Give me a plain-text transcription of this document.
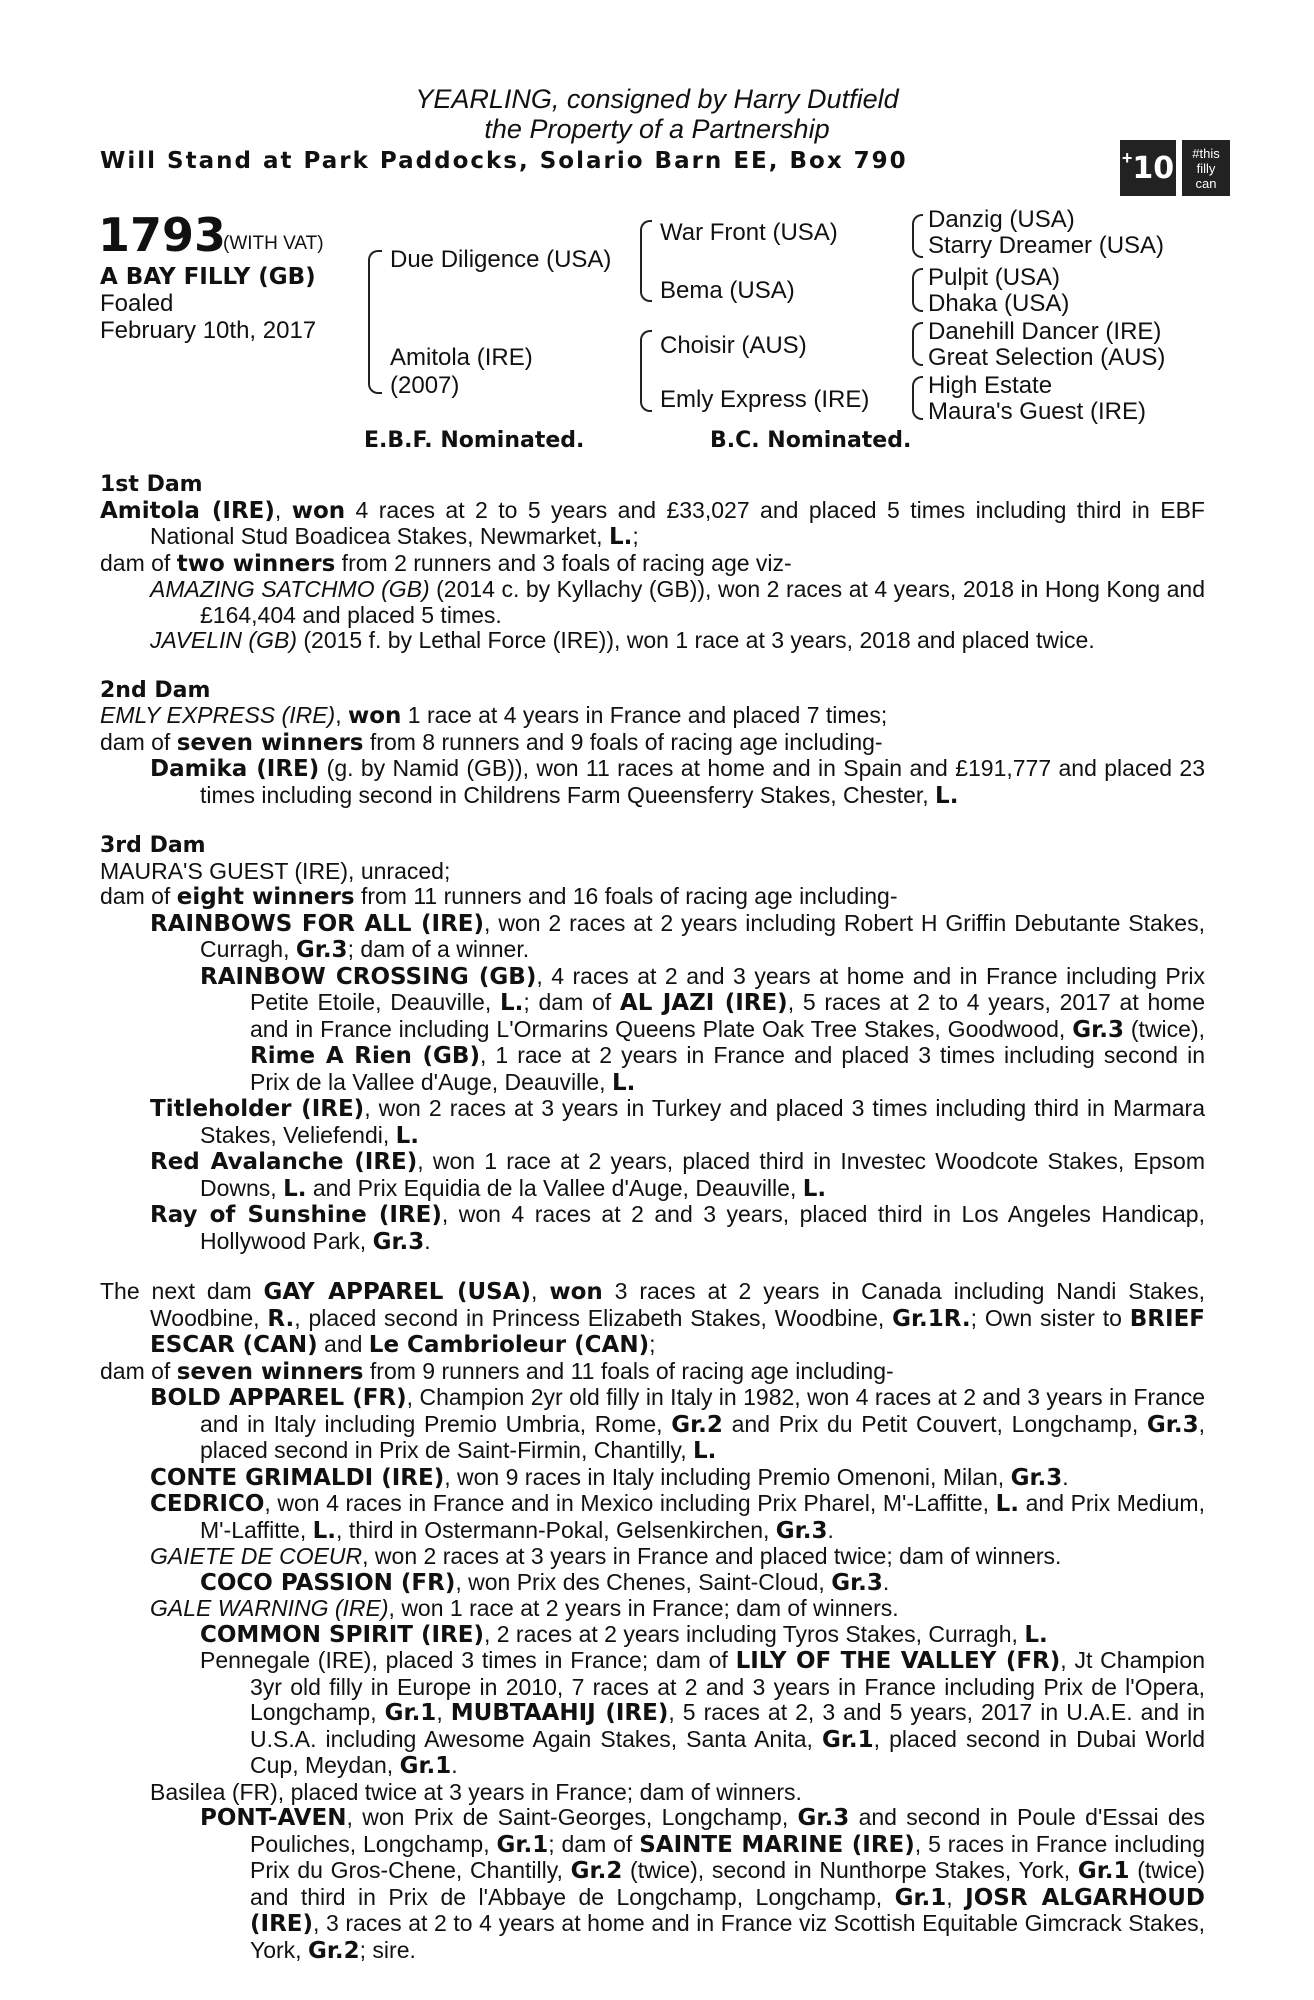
YEARLING, consigned by Harry Dutfield
the Property of a Partnership
Will Stand at Park Paddocks, Solario Barn EE, Box 790	+ 10 #this
filly
can
1793
(WITH VAT)
A BAY FILLY (GB)
Foaled
February 10th, 2017
Due Diligence (USA)
Amitola (IRE)
(2007)
War Front (USA)
Bema (USA)
Choisir (AUS)
Emly Express (IRE)
Danzig (USA)
Starry Dreamer (USA)
Pulpit (USA)
Dhaka (USA)
Danehill Dancer (IRE)
Great Selection (AUS)
High Estate
Maura's Guest (IRE)
E.B.F. Nominated.	B.C. Nominated.

1st Dam

Amitola (IRE), won 4 races at 2 to 5 years and £33,027 and placed 5 times including third in EBF National Stud Boadicea Stakes, Newmarket, L.;

dam of two winners from 2 runners and 3 foals of racing age viz-

AMAZING SATCHMO (GB) (2014 c. by Kyllachy (GB)), won 2 races at 4 years, 2018 in Hong Kong and £164,404 and placed 5 times.

JAVELIN (GB) (2015 f. by Lethal Force (IRE)), won 1 race at 3 years, 2018 and placed twice.

2nd Dam

EMLY EXPRESS (IRE), won 1 race at 4 years in France and placed 7 times;

dam of seven winners from 8 runners and 9 foals of racing age including-

Damika (IRE) (g. by Namid (GB)), won 11 races at home and in Spain and £191,777 and placed 23 times including second in Childrens Farm Queensferry Stakes, Chester, L.

3rd Dam

MAURA'S GUEST (IRE), unraced;

dam of eight winners from 11 runners and 16 foals of racing age including-

RAINBOWS FOR ALL (IRE), won 2 races at 2 years including Robert H Griffin Debutante Stakes, Curragh, Gr.3; dam of a winner.

RAINBOW CROSSING (GB), 4 races at 2 and 3 years at home and in France including Prix Petite Etoile, Deauville, L.; dam of AL JAZI (IRE), 5 races at 2 to 4 years, 2017 at home and in France including L'Ormarins Queens Plate Oak Tree Stakes, Goodwood, Gr.3 (twice), Rime A Rien (GB), 1 race at 2 years in France and placed 3 times including second in Prix de la Vallee d'Auge, Deauville, L.

Titleholder (IRE), won 2 races at 3 years in Turkey and placed 3 times including third in Marmara Stakes, Veliefendi, L.

Red Avalanche (IRE), won 1 race at 2 years, placed third in Investec Woodcote Stakes, Epsom Downs, L. and Prix Equidia de la Vallee d'Auge, Deauville, L.

Ray of Sunshine (IRE), won 4 races at 2 and 3 years, placed third in Los Angeles Handicap, Hollywood Park, Gr.3.

The next dam GAY APPAREL (USA), won 3 races at 2 years in Canada including Nandi Stakes, Woodbine, R., placed second in Princess Elizabeth Stakes, Woodbine, Gr.1R.; Own sister to BRIEF ESCAR (CAN) and Le Cambrioleur (CAN);

dam of seven winners from 9 runners and 11 foals of racing age including-

BOLD APPAREL (FR), Champion 2yr old filly in Italy in 1982, won 4 races at 2 and 3 years in France and in Italy including Premio Umbria, Rome, Gr.2 and Prix du Petit Couvert, Longchamp, Gr.3, placed second in Prix de Saint-Firmin, Chantilly, L.

CONTE GRIMALDI (IRE), won 9 races in Italy including Premio Omenoni, Milan, Gr.3.

CEDRICO, won 4 races in France and in Mexico including Prix Pharel, M'-Laffitte, L. and Prix Medium, M'-Laffitte, L., third in Ostermann-Pokal, Gelsenkirchen, Gr.3.

GAIETE DE COEUR, won 2 races at 3 years in France and placed twice; dam of winners.

COCO PASSION (FR), won Prix des Chenes, Saint-Cloud, Gr.3.

GALE WARNING (IRE), won 1 race at 2 years in France; dam of winners.

COMMON SPIRIT (IRE), 2 races at 2 years including Tyros Stakes, Curragh, L.

Pennegale (IRE), placed 3 times in France; dam of LILY OF THE VALLEY (FR), Jt Champion 3yr old filly in Europe in 2010, 7 races at 2 and 3 years in France including Prix de l'Opera, Longchamp, Gr.1, MUBTAAHIJ (IRE), 5 races at 2, 3 and 5 years, 2017 in U.A.E. and in U.S.A. including Awesome Again Stakes, Santa Anita, Gr.1, placed second in Dubai World Cup, Meydan, Gr.1.

Basilea (FR), placed twice at 3 years in France; dam of winners.

PONT-AVEN, won Prix de Saint-Georges, Longchamp, Gr.3 and second in Poule d'Essai des Pouliches, Longchamp, Gr.1; dam of SAINTE MARINE (IRE), 5 races in France including Prix du Gros-Chene, Chantilly, Gr.2 (twice), second in Nunthorpe Stakes, York, Gr.1 (twice) and third in Prix de l'Abbaye de Longchamp, Longchamp, Gr.1, JOSR ALGARHOUD (IRE), 3 races at 2 to 4 years at home and in France viz Scottish Equitable Gimcrack Stakes, York, Gr.2; sire.
